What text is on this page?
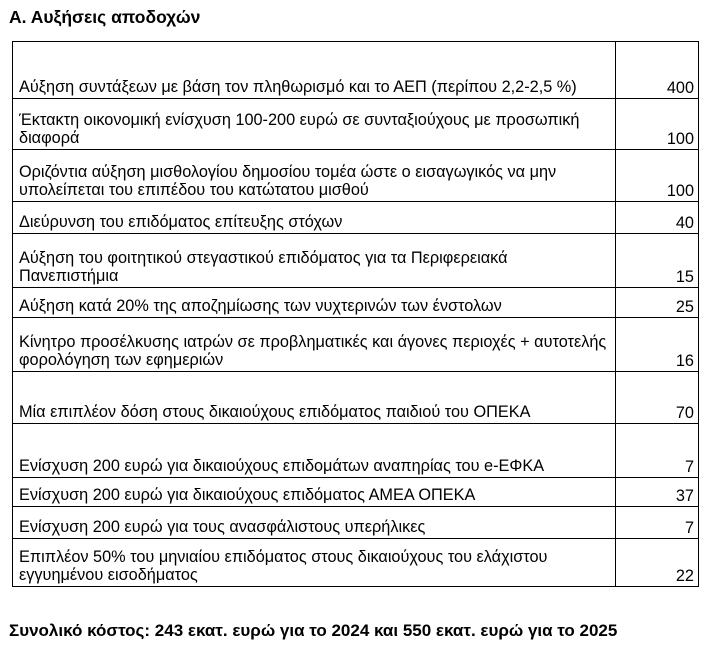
Α. Αυξήσεις αποδοχών
Αύξηση συντάξεων με βάση τον πληθωρισμό και το ΑΕΠ (περίπου 2,2-2,5 %)	400

Έκτακτη οικονομική ενίσχυση 100-200 ευρώ σε συνταξιούχους με προσωπική διαφορά	100

Οριζόντια αύξηση μισθολογίου δημοσίου τομέα ώστε ο εισαγωγικός να μην υπολείπεται του επιπέδου του κατώτατου μισθού	100

Διεύρυνση του επιδόματος επίτευξης στόχων	40

Αύξηση του φοιτητικού στεγαστικού επιδόματος για τα Περιφερειακά Πανεπιστήμια	15

Αύξηση κατά 20% της αποζημίωσης των νυχτερινών των ένστολων	25

Κίνητρο προσέλκυσης ιατρών σε προβληματικές και άγονες περιοχές + αυτοτελής φορολόγηση των εφημεριών	16

Μία επιπλέον δόση στους δικαιούχους επιδόματος παιδιού του ΟΠΕΚΑ	70

Ενίσχυση 200 ευρώ για δικαιούχους επιδομάτων αναπηρίας του e-ΕΦΚΑ	7

Ενίσχυση 200 ευρώ για δικαιούχους επιδόματος ΑΜΕΑ ΟΠΕΚΑ	37

Ενίσχυση 200 ευρώ για τους ανασφάλιστους υπερήλικες	7

Επιπλέον 50% του μηνιαίου επιδόματος στους δικαιούχους του ελάχιστου εγγυημένου εισοδήματος	22
Συνολικό κόστος: 243 εκατ. ευρώ για το 2024 και 550 εκατ. ευρώ για το 2025
